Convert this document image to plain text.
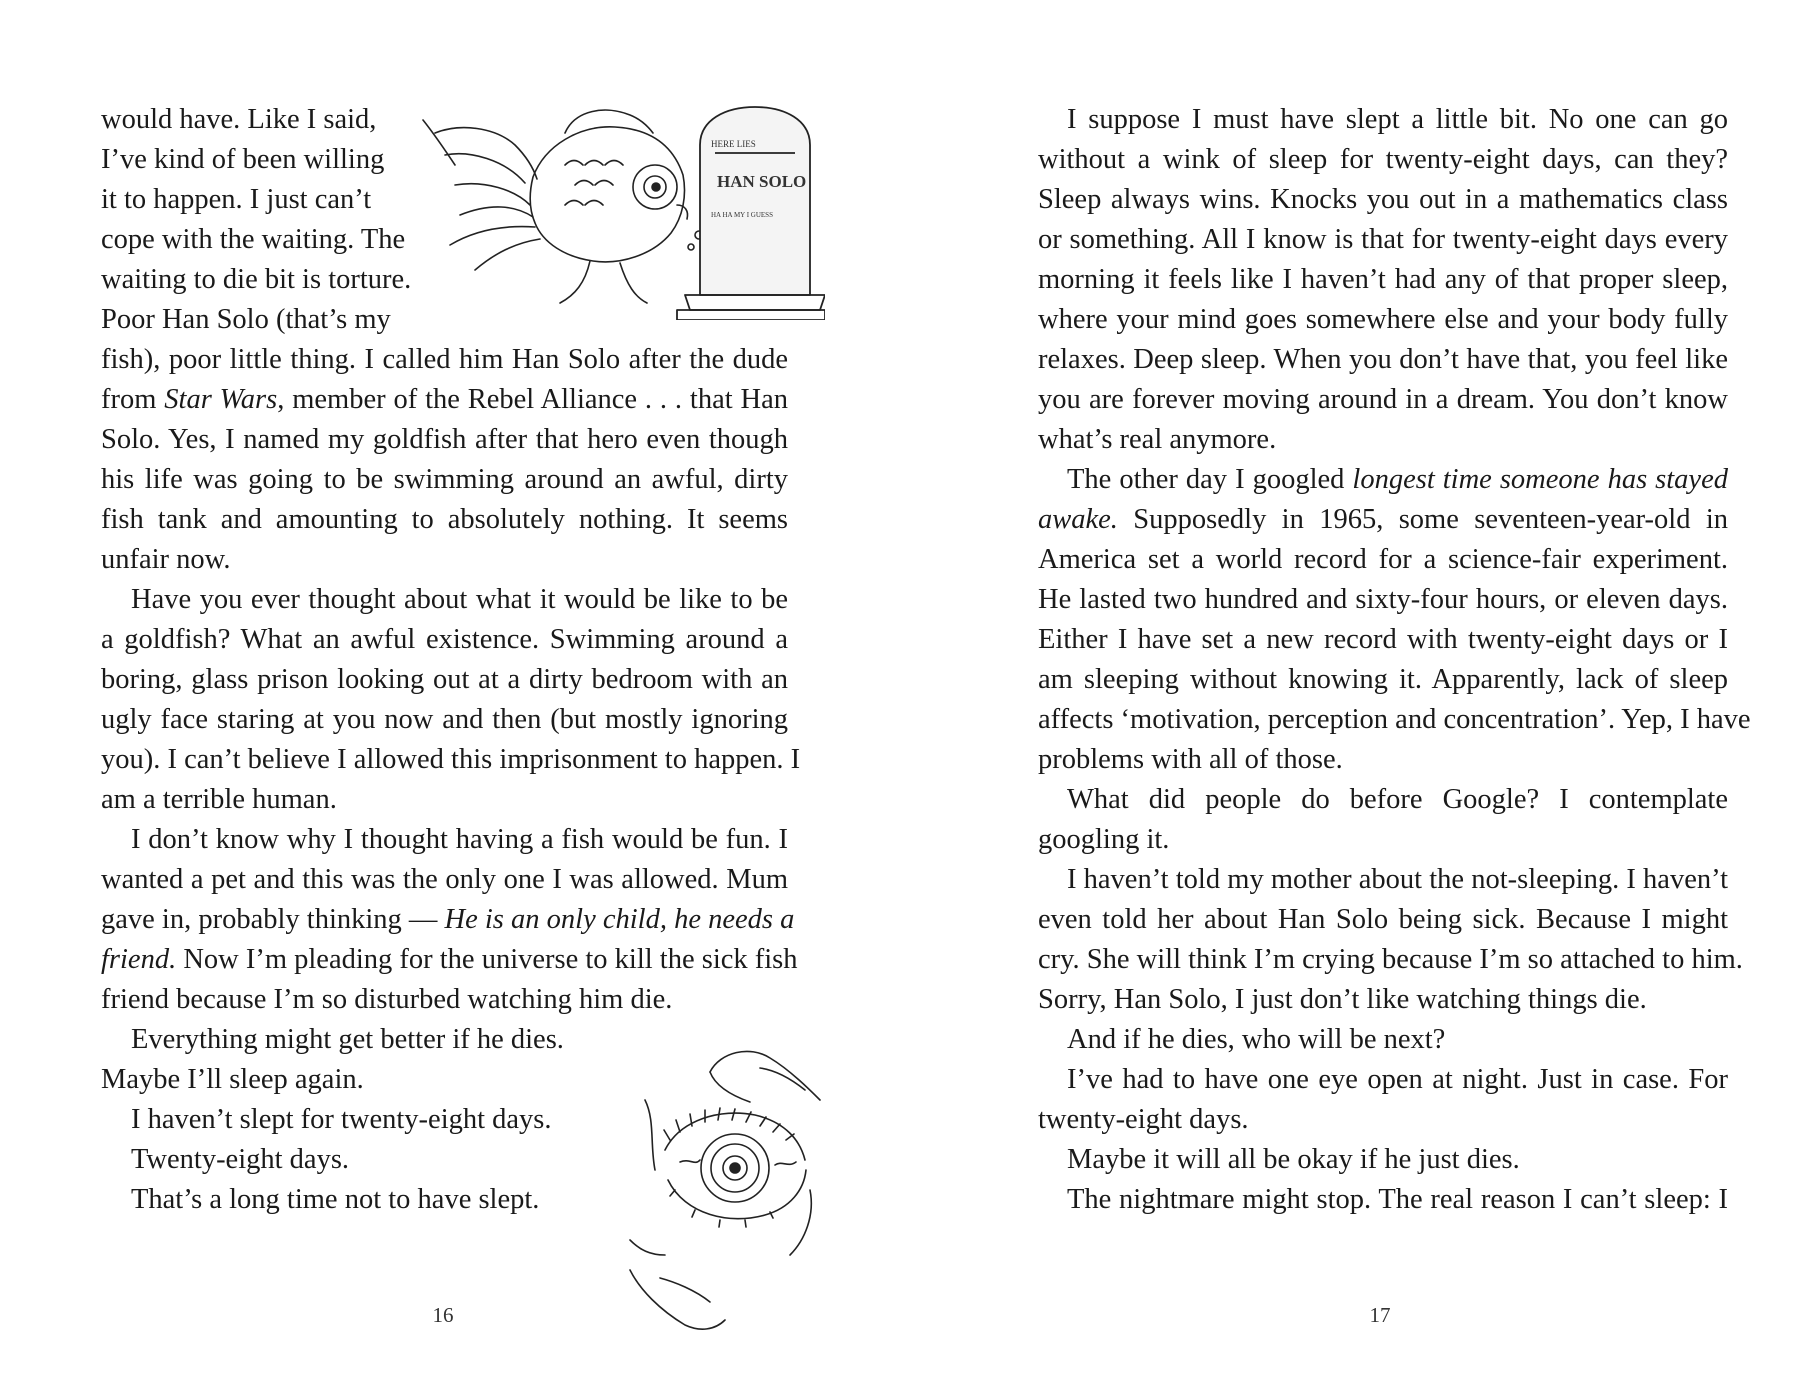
would have. Like I said,
I’ve kind of been willing
it to happen. I just can’t
cope with the waiting. The
waiting to die bit is torture.
Poor Han Solo (that’s my
fish), poor little thing. I called him Han Solo after the dude
from Star Wars, member of the Rebel Alliance . . . that Han
Solo. Yes, I named my goldfish after that hero even though
his life was going to be swimming around an awful, dirty
fish tank and amounting to absolutely nothing. It seems
unfair now.
Have you ever thought about what it would be like to be
a goldfish? What an awful existence. Swimming around a
boring, glass prison looking out at a dirty bedroom with an
ugly face staring at you now and then (but mostly ignoring
you). I can’t believe I allowed this imprisonment to happen. I
am a terrible human.
I don’t know why I thought having a fish would be fun. I
wanted a pet and this was the only one I was allowed. Mum
gave in, probably thinking — He is an only child, he needs a
friend. Now I’m pleading for the universe to kill the sick fish
friend because I’m so disturbed watching him die.
Everything might get better if he dies.
Maybe I’ll sleep again.
I haven’t slept for twenty-eight days.
Twenty-eight days.
That’s a long time not to have slept.
HERE LIES
HAN SOLO
HA HA MY I GUESS
16
I suppose I must have slept a little bit. No one can go
without a wink of sleep for twenty-eight days, can they?
Sleep always wins. Knocks you out in a mathematics class
or something. All I know is that for twenty-eight days every
morning it feels like I haven’t had any of that proper sleep,
where your mind goes somewhere else and your body fully
relaxes. Deep sleep. When you don’t have that, you feel like
you are forever moving around in a dream. You don’t know
what’s real anymore.
The other day I googled longest time someone has stayed
awake. Supposedly in 1965, some seventeen-year-old in
America set a world record for a science-fair experiment.
He lasted two hundred and sixty-four hours, or eleven days.
Either I have set a new record with twenty-eight days or I
am sleeping without knowing it. Apparently, lack of sleep
affects ‘motivation, perception and concentration’. Yep, I have
problems with all of those.
What did people do before Google? I contemplate
googling it.
I haven’t told my mother about the not-sleeping. I haven’t
even told her about Han Solo being sick. Because I might
cry. She will think I’m crying because I’m so attached to him.
Sorry, Han Solo, I just don’t like watching things die.
And if he dies, who will be next?
I’ve had to have one eye open at night. Just in case. For
twenty-eight days.
Maybe it will all be okay if he just dies.
The nightmare might stop. The real reason I can’t sleep: I
17
